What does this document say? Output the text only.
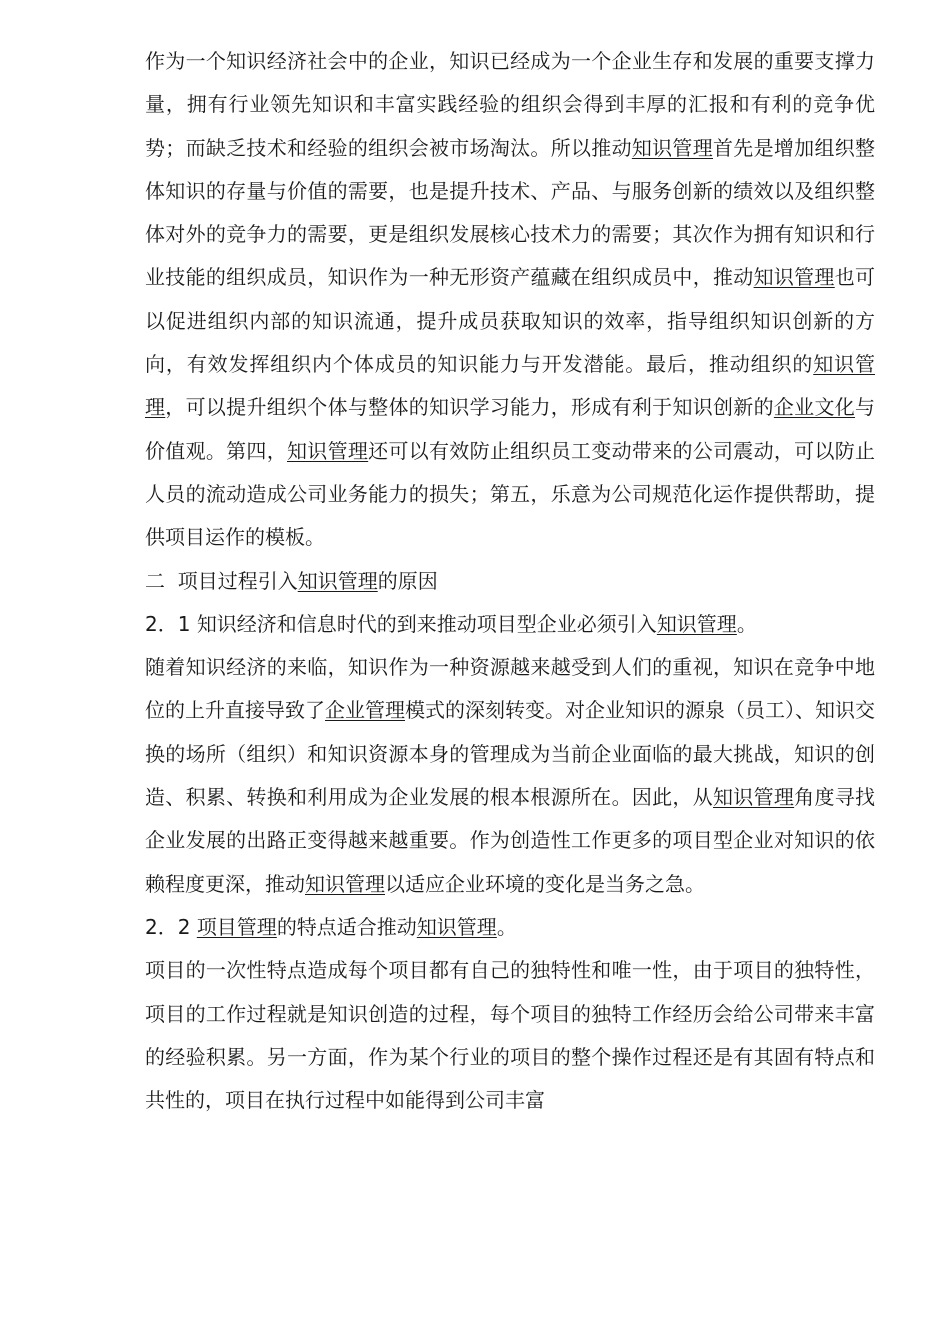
作为一个知识经济社会中的企业，知识已经成为一个企业生存和发展的重要支撑力量，拥有行业领先知识和丰富实践经验的组织会得到丰厚的汇报和有利的竞争优势；而缺乏技术和经验的组织会被市场淘汰。所以推动知识管理首先是增加组织整体知识的存量与价值的需要，也是提升技术、产品、与服务创新的绩效以及组织整体对外的竞争力的需要，更是组织发展核心技术力的需要；其次作为拥有知识和行业技能的组织成员，知识作为一种无形资产蕴藏在组织成员中，推动知识管理也可以促进组织内部的知识流通，提升成员获取知识的效率，指导组织知识创新的方向，有效发挥组织内个体成员的知识能力与开发潜能。最后，推动组织的知识管理，可以提升组织个体与整体的知识学习能力，形成有利于知识创新的企业文化与价值观。第四，知识管理还可以有效防止组织员工变动带来的公司震动，可以防止人员的流动造成公司业务能力的损失；第五，乐意为公司规范化运作提供帮助，提供项目运作的模板。

二  项目过程引入知识管理的原因

2．1 知识经济和信息时代的到来推动项目型企业必须引入知识管理。

随着知识经济的来临，知识作为一种资源越来越受到人们的重视，知识在竞争中地位的上升直接导致了企业管理模式的深刻转变。对企业知识的源泉（员工）、知识交换的场所（组织）和知识资源本身的管理成为当前企业面临的最大挑战，知识的创造、积累、转换和利用成为企业发展的根本根源所在。因此，从知识管理角度寻找企业发展的出路正变得越来越重要。作为创造性工作更多的项目型企业对知识的依赖程度更深，推动知识管理以适应企业环境的变化是当务之急。

2．2 项目管理的特点适合推动知识管理。

项目的一次性特点造成每个项目都有自己的独特性和唯一性，由于项目的独特性，项目的工作过程就是知识创造的过程，每个项目的独特工作经历会给公司带来丰富的经验积累。另一方面，作为某个行业的项目的整个操作过程还是有其固有特点和共性的，项目在执行过程中如能得到公司丰富
